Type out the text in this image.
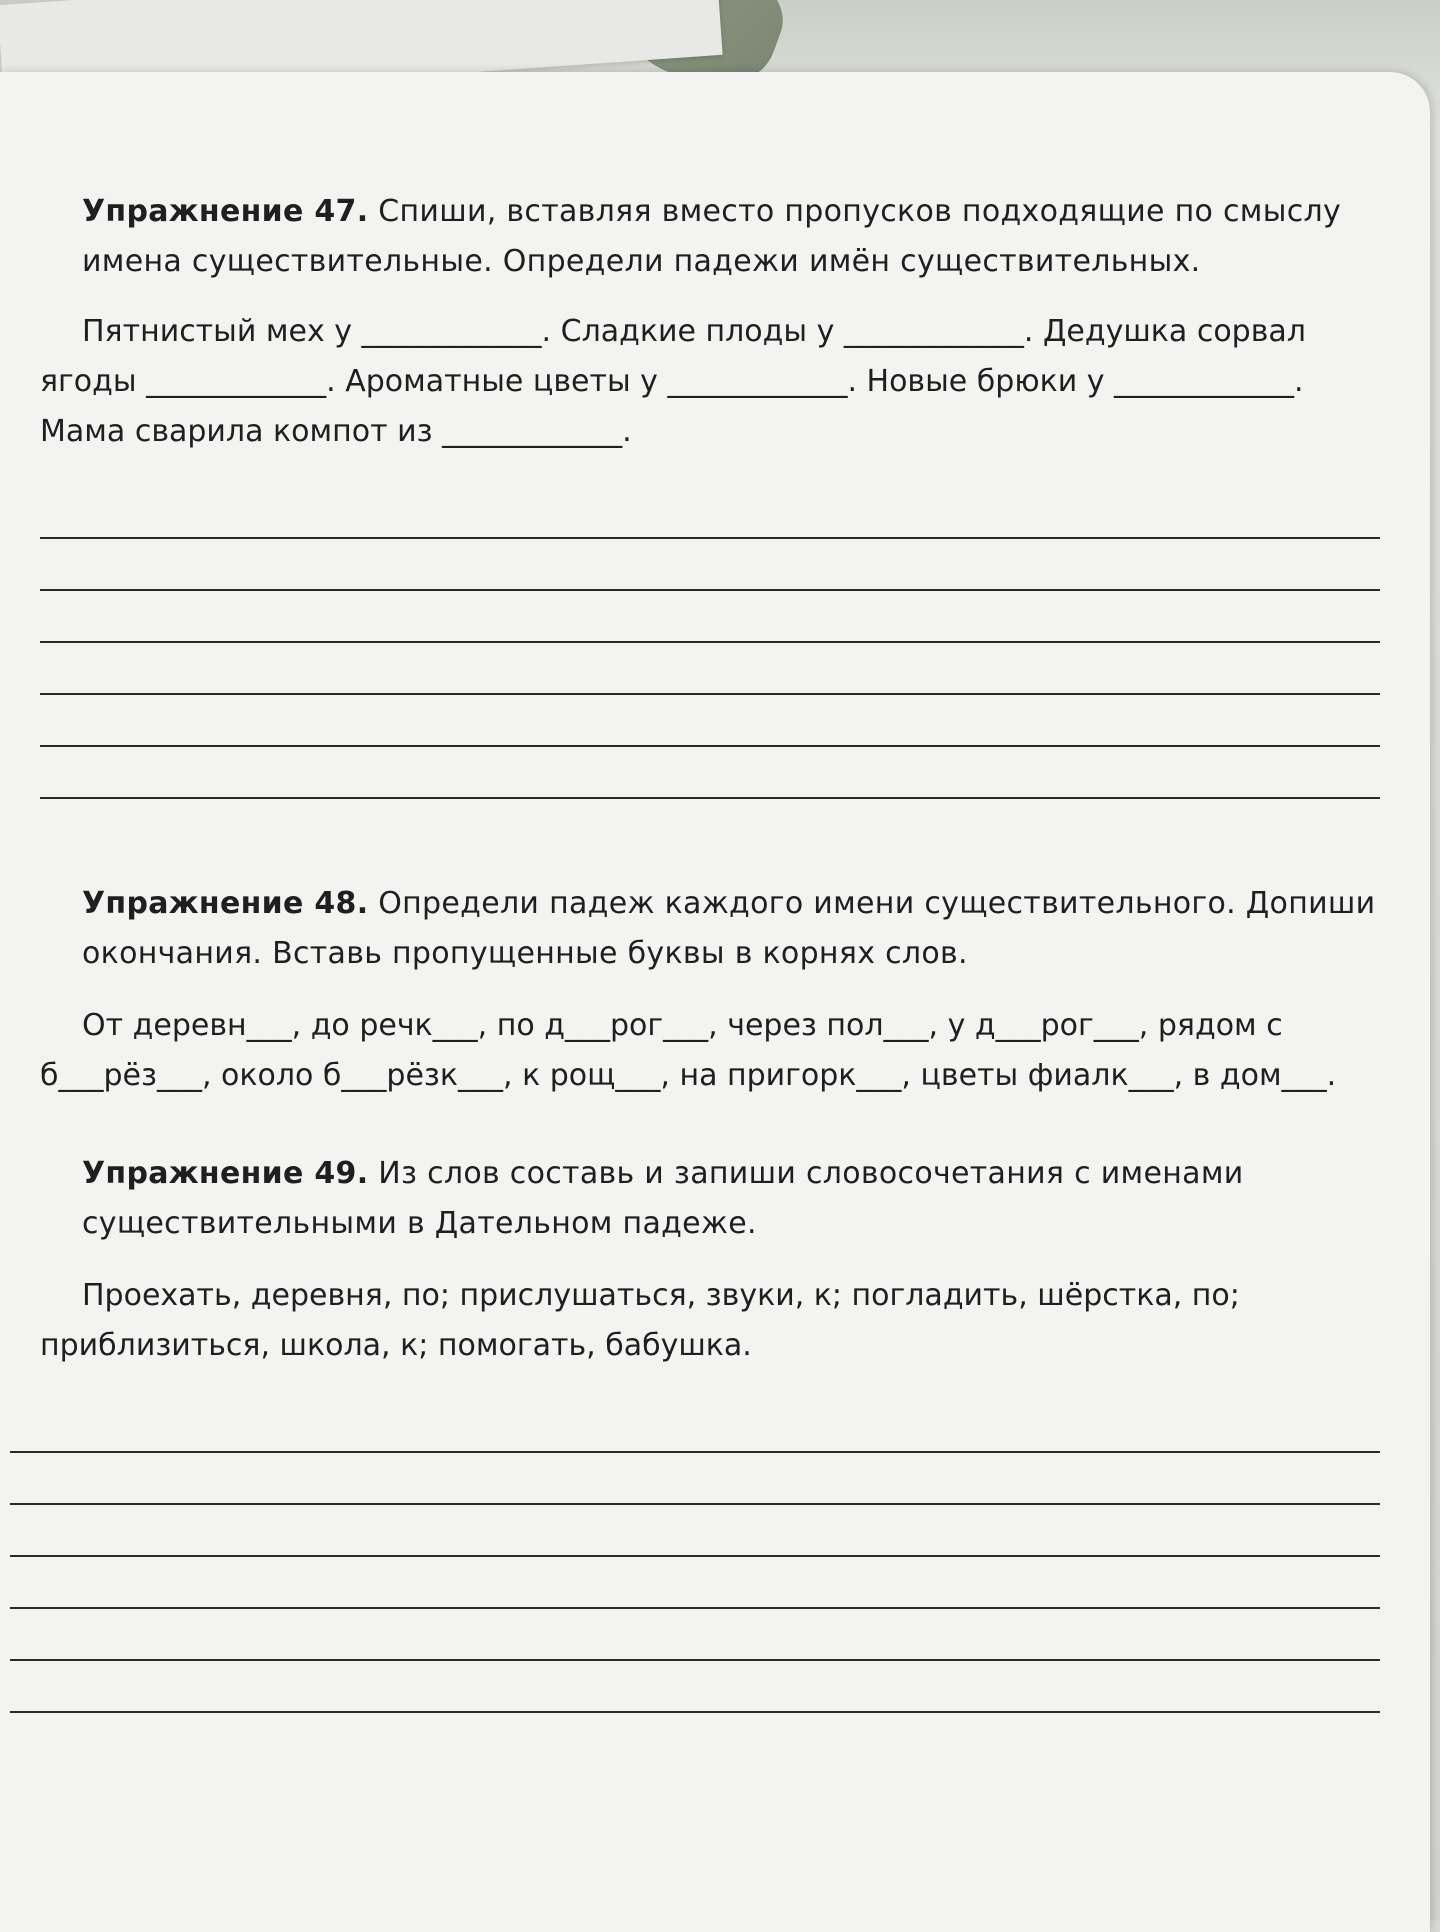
Упражнение 47. Спиши, вставляя вместо пропусков подходящие по смыслу имена существительные. Определи падежи имён существительных.

Пятнистый мех у ____________. Сладкие плоды у ____________. Дедушка сорвал ягоды ____________. Ароматные цветы у ____________. Новые брюки у ____________. Мама сварила компот из ____________.

Упражнение 48. Определи падеж каждого имени существительного. Допиши окончания. Вставь пропущенные буквы в корнях слов.

От деревн___, до речк___, по д___рог___, через пол___, у д___рог___, рядом с б___рёз___, около б___рёзк___, к рощ___, на пригорк___, цветы фиалк___, в дом___.

Упражнение 49. Из слов составь и запиши словосочетания с именами существительными в Дательном падеже.

Проехать, деревня, по; прислушаться, звуки, к; погладить, шёрстка, по; приблизиться, школа, к; помогать, бабушка.
